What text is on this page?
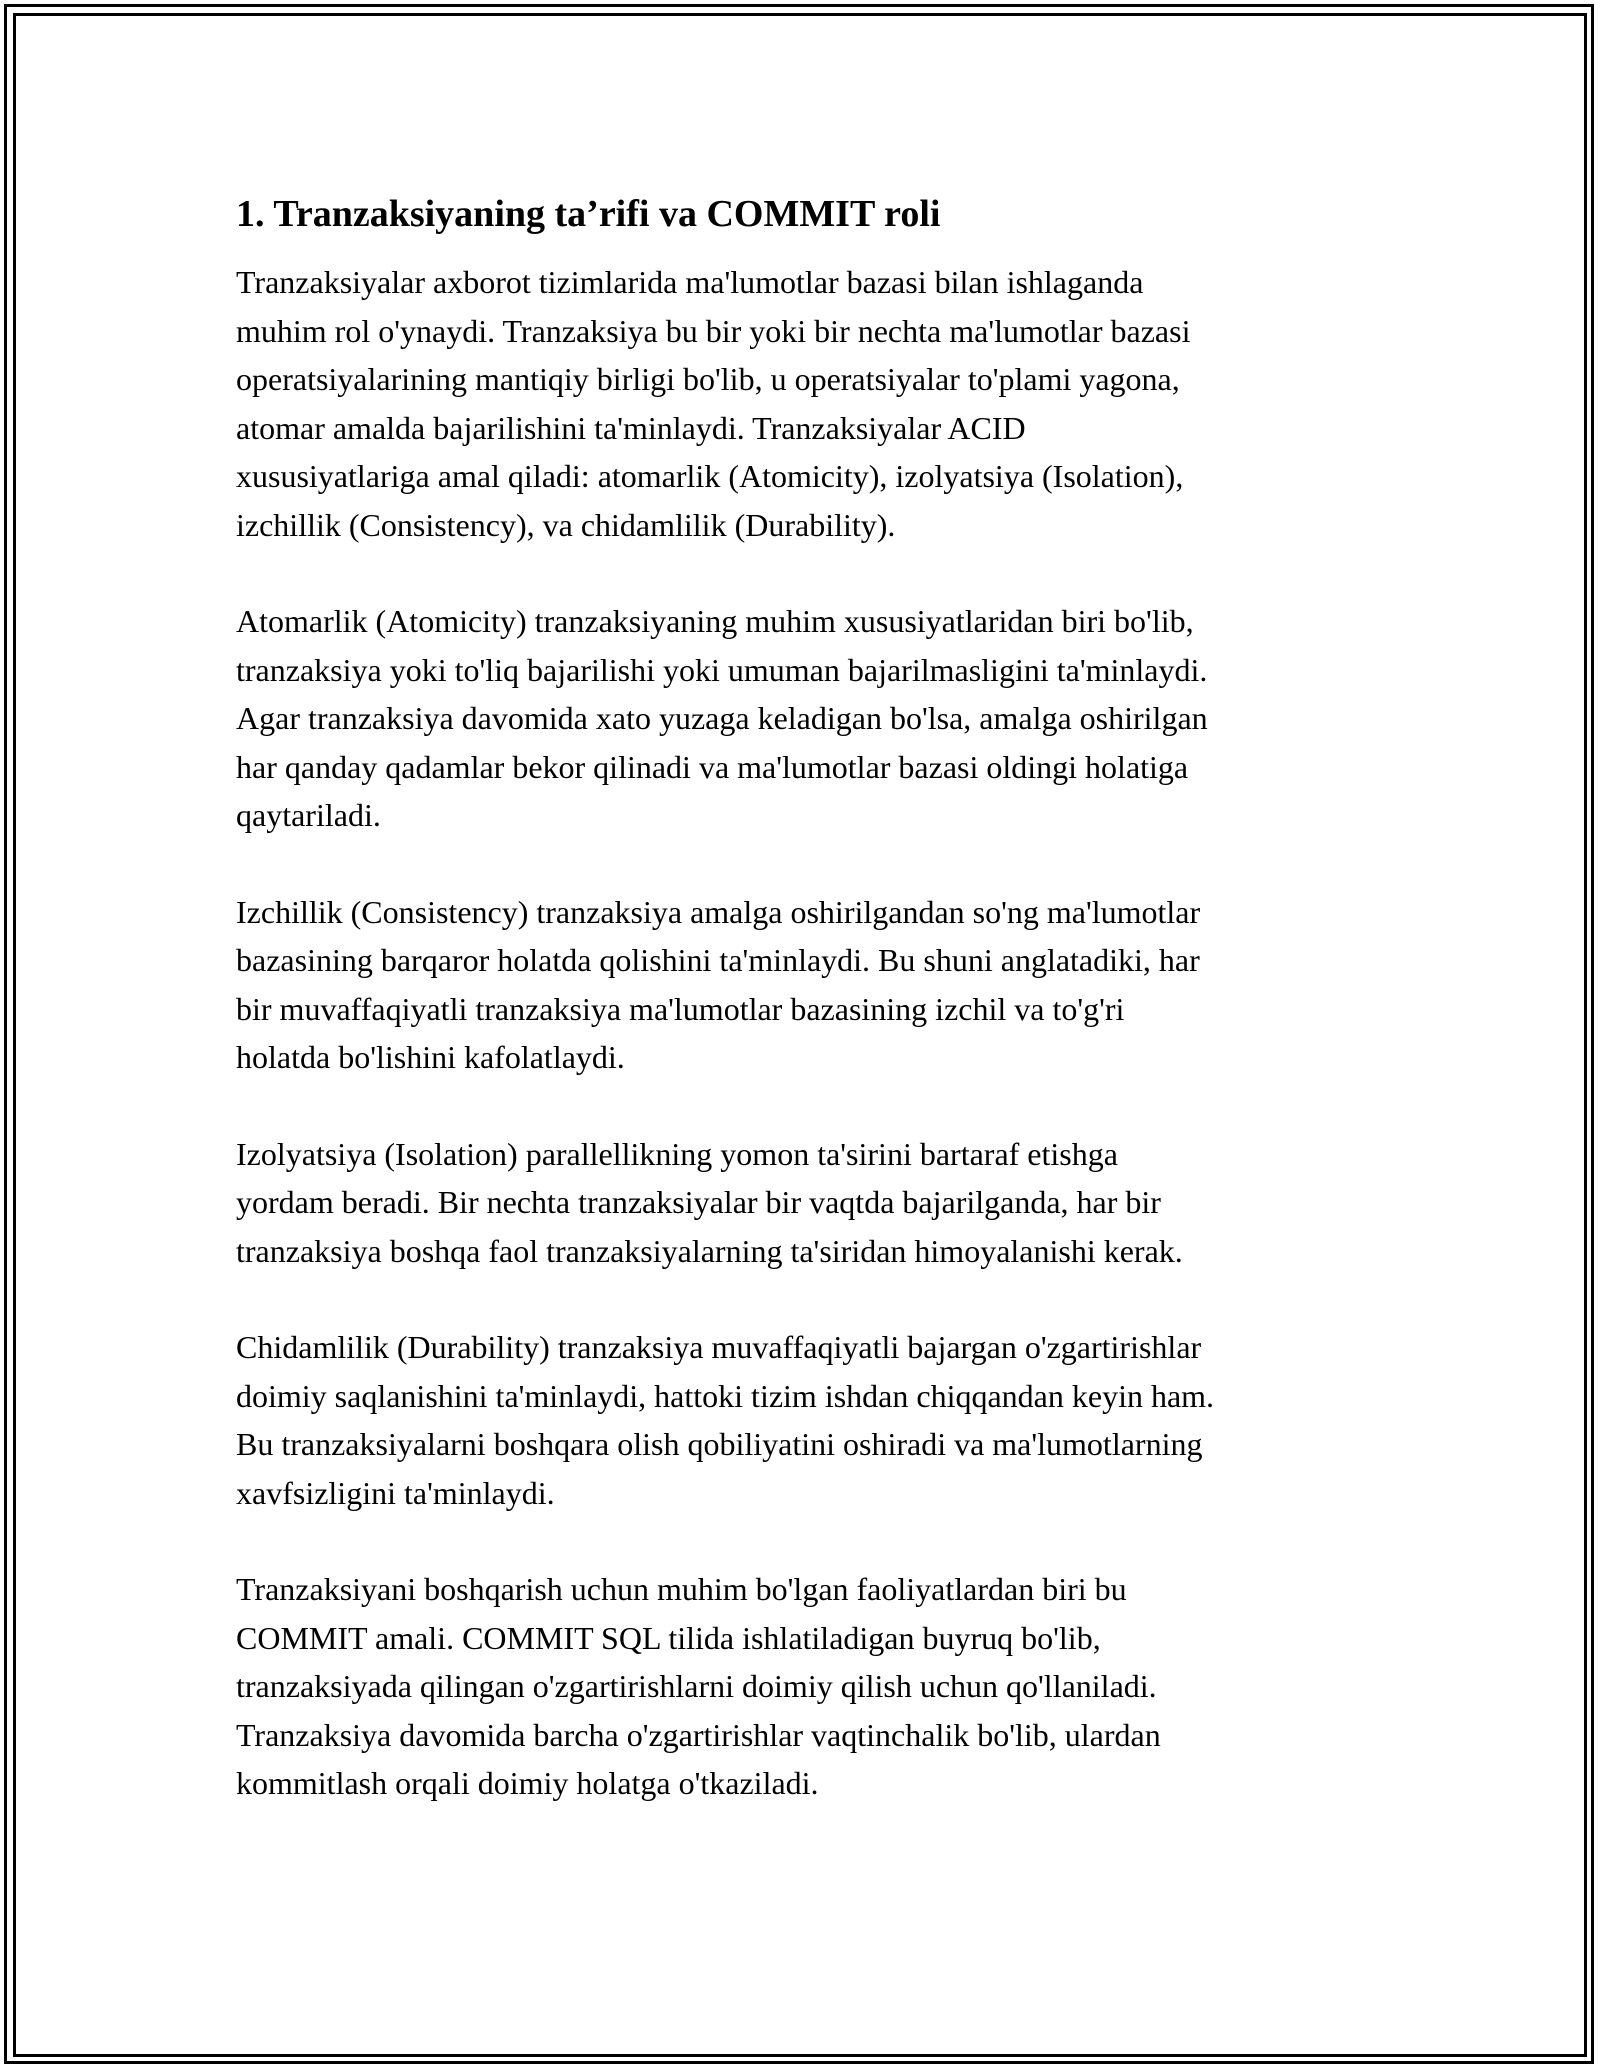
1. Tranzaksiyaning ta’rifi va COMMIT roli
Tranzaksiyalar axborot tizimlarida ma'lumotlar bazasi bilan ishlaganda
muhim rol o'ynaydi. Tranzaksiya bu bir yoki bir nechta ma'lumotlar bazasi
operatsiyalarining mantiqiy birligi bo'lib, u operatsiyalar to'plami yagona,
atomar amalda bajarilishini ta'minlaydi. Tranzaksiyalar ACID
xususiyatlariga amal qiladi: atomarlik (Atomicity), izolyatsiya (Isolation),
izchillik (Consistency), va chidamlilik (Durability).
Atomarlik (Atomicity) tranzaksiyaning muhim xususiyatlaridan biri bo'lib,
tranzaksiya yoki to'liq bajarilishi yoki umuman bajarilmasligini ta'minlaydi.
Agar tranzaksiya davomida xato yuzaga keladigan bo'lsa, amalga oshirilgan
har qanday qadamlar bekor qilinadi va ma'lumotlar bazasi oldingi holatiga
qaytariladi.
Izchillik (Consistency) tranzaksiya amalga oshirilgandan so'ng ma'lumotlar
bazasining barqaror holatda qolishini ta'minlaydi. Bu shuni anglatadiki, har
bir muvaffaqiyatli tranzaksiya ma'lumotlar bazasining izchil va to'g'ri
holatda bo'lishini kafolatlaydi.
Izolyatsiya (Isolation) parallellikning yomon ta'sirini bartaraf etishga
yordam beradi. Bir nechta tranzaksiyalar bir vaqtda bajarilganda, har bir
tranzaksiya boshqa faol tranzaksiyalarning ta'siridan himoyalanishi kerak.
Chidamlilik (Durability) tranzaksiya muvaffaqiyatli bajargan o'zgartirishlar
doimiy saqlanishini ta'minlaydi, hattoki tizim ishdan chiqqandan keyin ham.
Bu tranzaksiyalarni boshqara olish qobiliyatini oshiradi va ma'lumotlarning
xavfsizligini ta'minlaydi.
Tranzaksiyani boshqarish uchun muhim bo'lgan faoliyatlardan biri bu
COMMIT amali. COMMIT SQL tilida ishlatiladigan buyruq bo'lib,
tranzaksiyada qilingan o'zgartirishlarni doimiy qilish uchun qo'llaniladi.
Tranzaksiya davomida barcha o'zgartirishlar vaqtinchalik bo'lib, ulardan
kommitlash orqali doimiy holatga o'tkaziladi.
